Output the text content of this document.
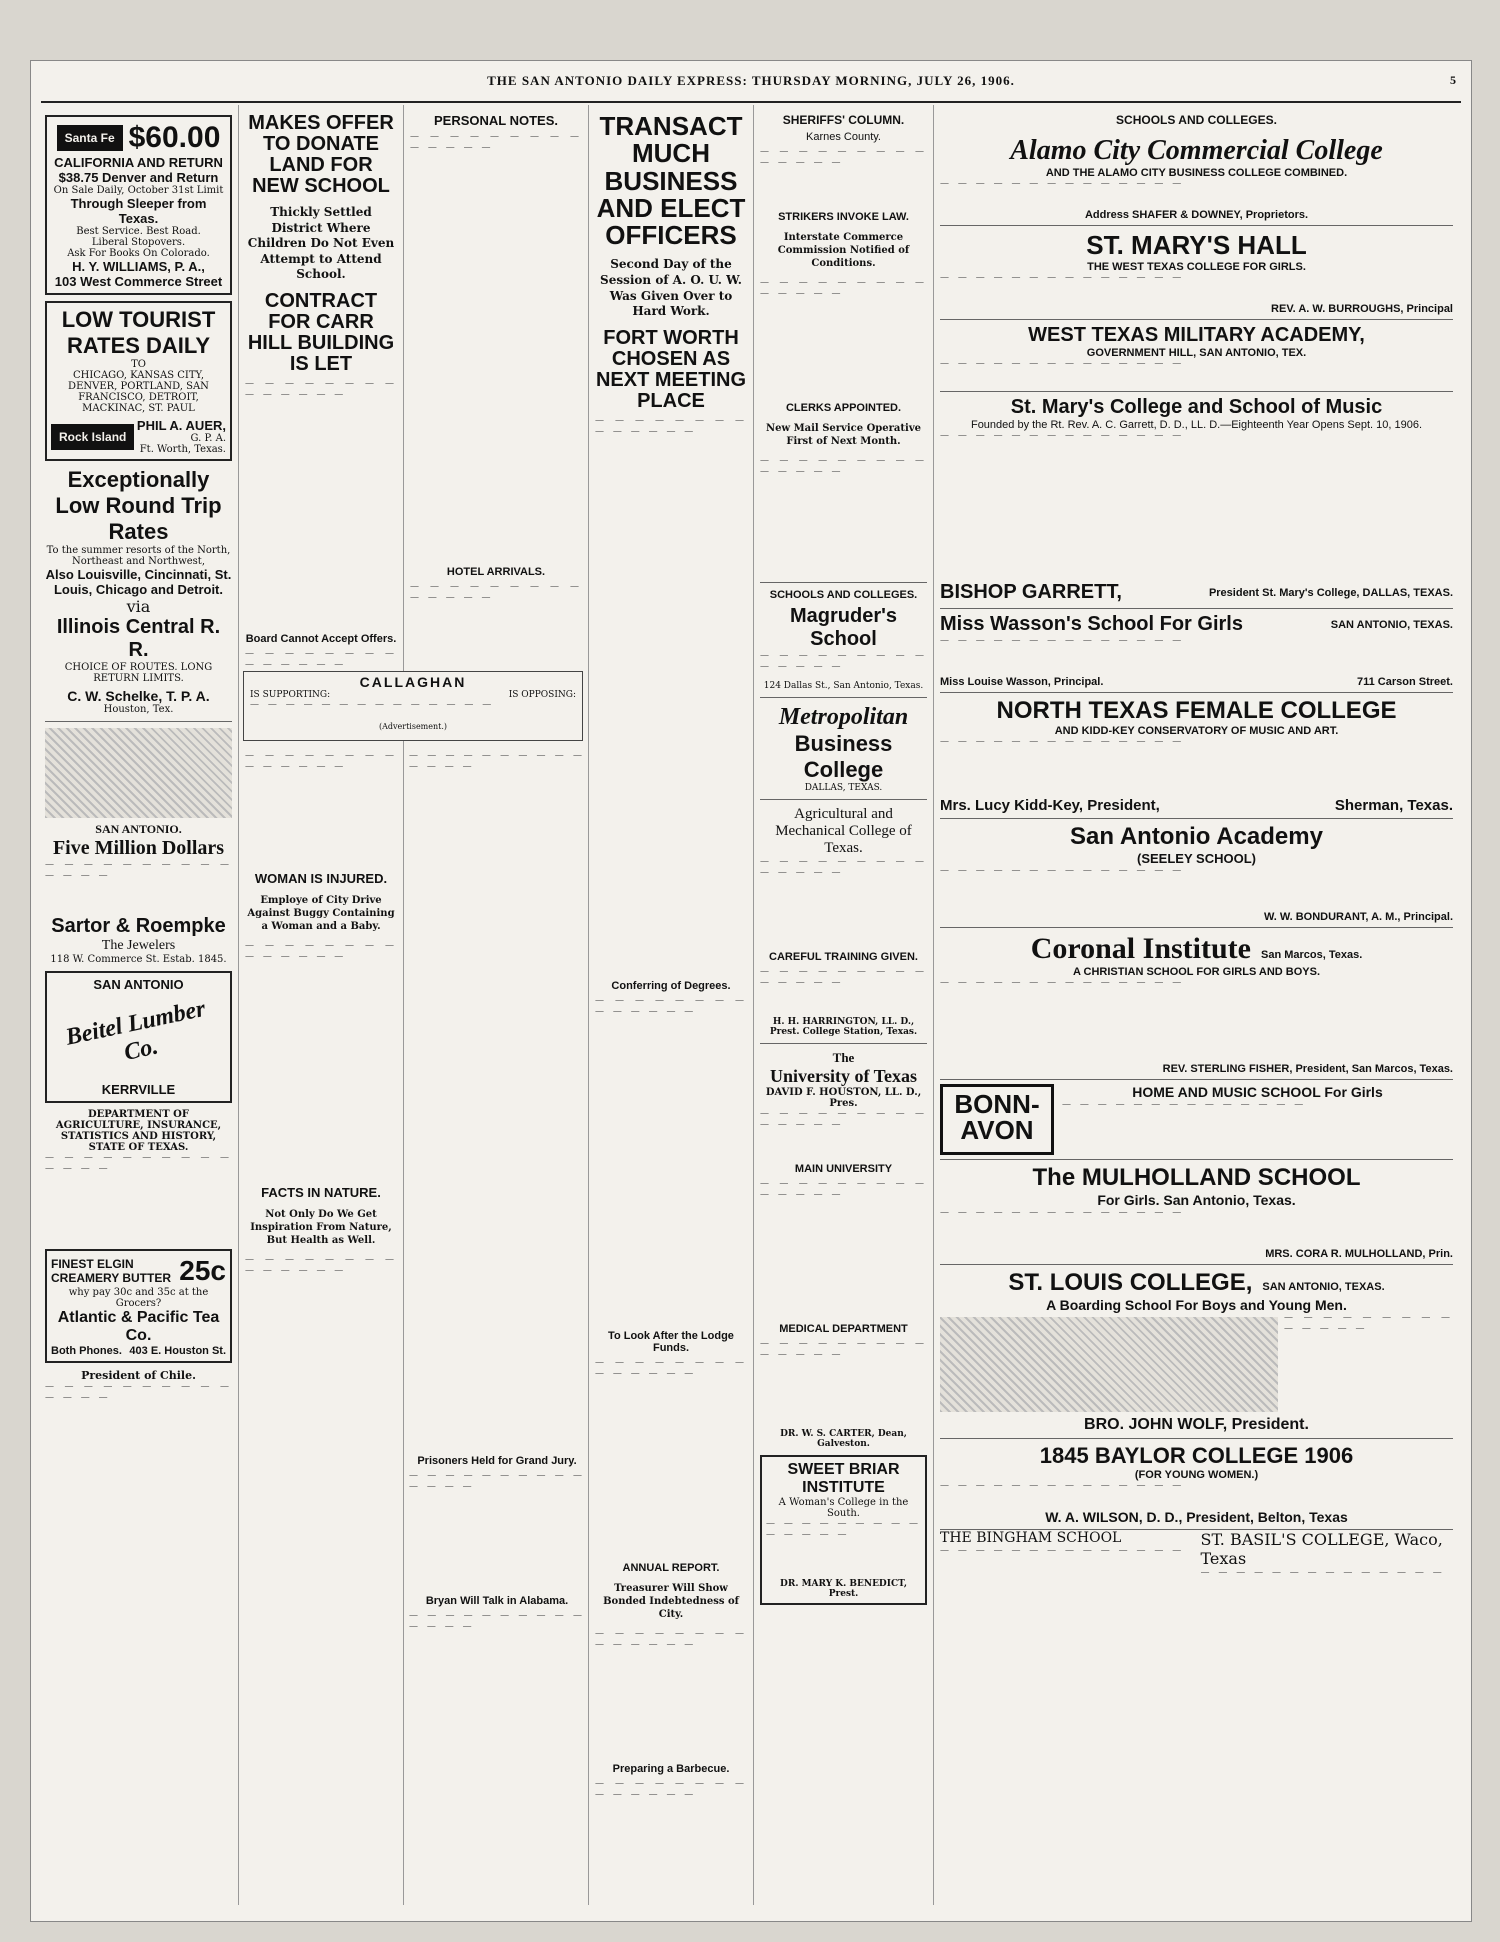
THE SAN ANTONIO DAILY EXPRESS: THURSDAY MORNING, JULY 26, 1906.	5
Santa Fe $60.00
CALIFORNIA AND RETURN
$38.75 Denver and Return
On Sale Daily, October 31st Limit
Through Sleeper from Texas.
Best Service. Best Road.
Liberal Stopovers.
Ask For Books On Colorado.
H. Y. WILLIAMS, P. A.,
103 West Commerce Street
LOW TOURIST RATES DAILY
TO
CHICAGO, KANSAS CITY, DENVER, PORTLAND, SAN FRANCISCO, DETROIT, MACKINAC, ST. PAUL
Rock Island
PHIL A. AUER,
G. P. A.
Ft. Worth, Texas.
Exceptionally Low Round Trip Rates
To the summer resorts of the North, Northeast and Northwest,
Also Louisville, Cincinnati, St. Louis, Chicago and Detroit.
via
Illinois Central R. R.
CHOICE OF ROUTES. LONG RETURN LIMITS.
C. W. Schelke, T. P. A.
Houston, Tex.
SAN ANTONIO.
Five Million Dollars
— — —
Sartor & Roempke
The Jewelers
118 W. Commerce St. Estab. 1845.
SAN ANTONIO
Beitel Lumber Co.
KERRVILLE
DEPARTMENT OF AGRICULTURE, INSURANCE, STATISTICS AND HISTORY, STATE OF TEXAS.
— — —
FINEST ELGIN CREAMERY BUTTER 25c
why pay 30c and 35c at the Grocers?
Atlantic & Pacific Tea Co.
Both Phones. 403 E. Houston St.
President of Chile.
— — —
MAKES OFFER TO DONATE LAND FOR NEW SCHOOL
Thickly Settled District Where Children Do Not Even Attempt to Attend School.
CONTRACT FOR CARR HILL BUILDING IS LET
— — —
Board Cannot Accept Offers.
— — —
PERSONAL NOTES.
— — —
HOTEL ARRIVALS.
— — —
CALLAGHAN
IS SUPPORTING:	IS OPPOSING:
— — —
(Advertisement.)
— — —
WOMAN IS INJURED.
Employe of City Drive Against Buggy Containing a Woman and a Baby.
— — —
FACTS IN NATURE.
Not Only Do We Get Inspiration From Nature, But Health as Well.
— — —
— — —
Prisoners Held for Grand Jury.
— — —
Bryan Will Talk in Alabama.
— — —
TRANSACT MUCH BUSINESS AND ELECT OFFICERS
Second Day of the Session of A. O. U. W. Was Given Over to Hard Work.
FORT WORTH CHOSEN AS NEXT MEETING PLACE
— — —
Conferring of Degrees.
— — —
To Look After the Lodge Funds.
— — —
ANNUAL REPORT.
Treasurer Will Show Bonded Indebtedness of City.
— — —
Preparing a Barbecue.
— — —
SHERIFFS' COLUMN.
Karnes County.
— — —
STRIKERS INVOKE LAW.
Interstate Commerce Commission Notified of Conditions.
— — —
CLERKS APPOINTED.
New Mail Service Operative First of Next Month.
— — —
SCHOOLS AND COLLEGES.
Magruder's School
— — —
124 Dallas St., San Antonio, Texas.
Metropolitan
Business College
DALLAS, TEXAS.
Agricultural and Mechanical College of Texas.
— — —
CAREFUL TRAINING GIVEN.
— — —
H. H. HARRINGTON, LL. D., Prest. College Station, Texas.
The
University of Texas
DAVID F. HOUSTON, LL. D., Pres.
— — —
MAIN UNIVERSITY
— — —
MEDICAL DEPARTMENT
— — —
DR. W. S. CARTER, Dean, Galveston.
SWEET BRIAR INSTITUTE
A Woman's College in the South.
— — —
DR. MARY K. BENEDICT, Prest.
SCHOOLS AND COLLEGES.
Alamo City Commercial College
AND THE ALAMO CITY BUSINESS COLLEGE COMBINED.
— — —
Address SHAFER & DOWNEY, Proprietors.
ST. MARY'S HALL
THE WEST TEXAS COLLEGE FOR GIRLS.
— — —
REV. A. W. BURROUGHS, Principal
WEST TEXAS MILITARY ACADEMY,
GOVERNMENT HILL, SAN ANTONIO, TEX.
— — —
St. Mary's College and School of Music
Founded by the Rt. Rev. A. C. Garrett, D. D., LL. D.—Eighteenth Year Opens Sept. 10, 1906.
— — —
BISHOP GARRETT,	President St. Mary's College, DALLAS, TEXAS.
Miss Wasson's School For Girls	SAN ANTONIO, TEXAS.
— — —
Miss Louise Wasson, Principal.	711 Carson Street.
NORTH TEXAS FEMALE COLLEGE
AND KIDD-KEY CONSERVATORY OF MUSIC AND ART.
— — —
Mrs. Lucy Kidd-Key, President,	Sherman, Texas.
San Antonio Academy
(SEELEY SCHOOL)
— — —
W. W. BONDURANT, A. M., Principal.
Coronal Institute San Marcos, Texas.
A CHRISTIAN SCHOOL FOR GIRLS AND BOYS.
— — —
REV. STERLING FISHER, President, San Marcos, Texas.
BONN-AVON
HOME AND MUSIC SCHOOL For Girls
— — —
The MULHOLLAND SCHOOL
For Girls. San Antonio, Texas.
— — —
MRS. CORA R. MULHOLLAND, Prin.
ST. LOUIS COLLEGE, SAN ANTONIO, TEXAS.
A Boarding School For Boys and Young Men.
— — —
BRO. JOHN WOLF, President.
1845 BAYLOR COLLEGE 1906
(FOR YOUNG WOMEN.)
— — —
W. A. WILSON, D. D., President, Belton, Texas
THE BINGHAM SCHOOL
— — —	ST. BASIL'S COLLEGE, Waco, Texas
— — —
